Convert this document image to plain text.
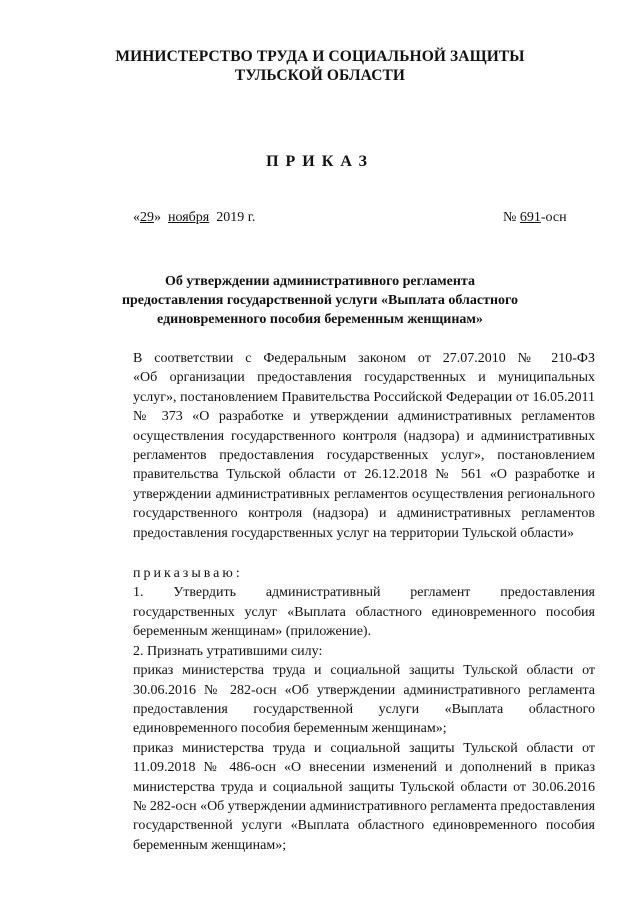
МИНИСТЕРСТВО ТРУДА И СОЦИАЛЬНОЙ ЗАЩИТЫ
ТУЛЬСКОЙ ОБЛАСТИ
ПРИКАЗ
«29» ноября 2019 г.	№ 691-осн
Об утверждении административного регламента
предоставления государственной услуги «Выплата областного
единовременного пособия беременным женщинам»

В соответствии с Федеральным законом от 27.07.2010 № 210-ФЗ
«Об организации предоставления государственных и муниципальных
услуг», постановлением Правительства Российской Федерации от 16.05.2011
№ 373 «О разработке и утверждении административных регламентов
осуществления государственного контроля (надзора) и административных
регламентов предоставления государственных услуг», постановлением
правительства Тульской области от 26.12.2018 № 561 «О разработке и
утверждении административных регламентов осуществления регионального
государственного контроля (надзора) и административных регламентов
предоставления государственных услуг на территории Тульской области»

приказываю:

1. Утвердить административный регламент предоставления
государственных услуг «Выплата областного единовременного пособия
беременным женщинам» (приложение).

2. Признать утратившими силу:

приказ министерства труда и социальной защиты Тульской области от
30.06.2016 № 282-осн «Об утверждении административного регламента
предоставления государственной услуги «Выплата областного
единовременного пособия беременным женщинам»;

приказ министерства труда и социальной защиты Тульской области от
11.09.2018 № 486-осн «О внесении изменений и дополнений в приказ
министерства труда и социальной защиты Тульской области от 30.06.2016
№ 282-осн «Об утверждении административного регламента предоставления
государственной услуги «Выплата областного единовременного пособия
беременным женщинам»;
